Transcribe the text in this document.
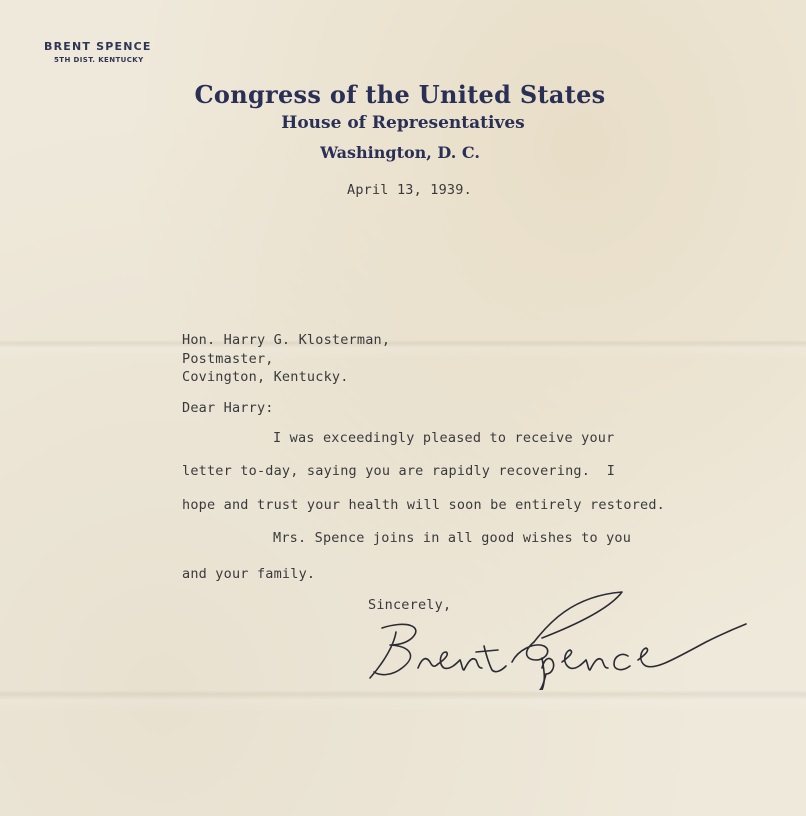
BRENT SPENCE
5TH DIST. KENTUCKY
Congress of the United States
House of Representatives
Washington, D. C.
April 13, 1939.
Hon. Harry G. Klosterman,
Postmaster,
Covington, Kentucky.
Dear Harry:
I was exceedingly pleased to receive your
letter to-day, saying you are rapidly recovering.  I
hope and trust your health will soon be entirely restored.
Mrs. Spence joins in all good wishes to you
and your family.
Sincerely,
